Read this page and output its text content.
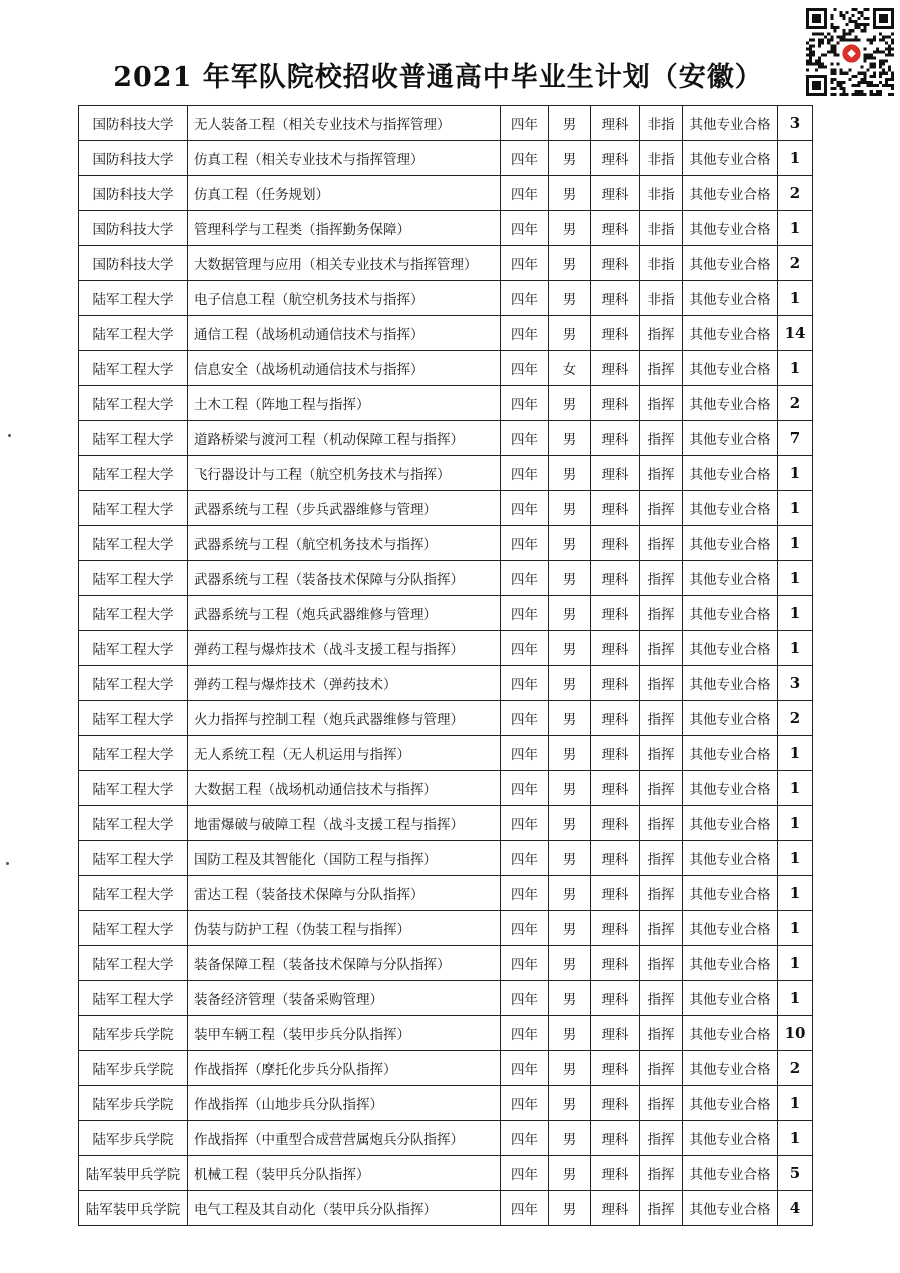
2021 年军队院校招收普通高中毕业生计划（安徽）
国防科技大学	无人装备工程（相关专业技术与指挥管理）	四年	男	理科	非指	其他专业合格	3
国防科技大学	仿真工程（相关专业技术与指挥管理）	四年	男	理科	非指	其他专业合格	1
国防科技大学	仿真工程（任务规划）	四年	男	理科	非指	其他专业合格	2
国防科技大学	管理科学与工程类（指挥勤务保障）	四年	男	理科	非指	其他专业合格	1
国防科技大学	大数据管理与应用（相关专业技术与指挥管理）	四年	男	理科	非指	其他专业合格	2
陆军工程大学	电子信息工程（航空机务技术与指挥）	四年	男	理科	非指	其他专业合格	1
陆军工程大学	通信工程（战场机动通信技术与指挥）	四年	男	理科	指挥	其他专业合格	14
陆军工程大学	信息安全（战场机动通信技术与指挥）	四年	女	理科	指挥	其他专业合格	1
陆军工程大学	土木工程（阵地工程与指挥）	四年	男	理科	指挥	其他专业合格	2
陆军工程大学	道路桥梁与渡河工程（机动保障工程与指挥）	四年	男	理科	指挥	其他专业合格	7
陆军工程大学	飞行器设计与工程（航空机务技术与指挥）	四年	男	理科	指挥	其他专业合格	1
陆军工程大学	武器系统与工程（步兵武器维修与管理）	四年	男	理科	指挥	其他专业合格	1
陆军工程大学	武器系统与工程（航空机务技术与指挥）	四年	男	理科	指挥	其他专业合格	1
陆军工程大学	武器系统与工程（装备技术保障与分队指挥）	四年	男	理科	指挥	其他专业合格	1
陆军工程大学	武器系统与工程（炮兵武器维修与管理）	四年	男	理科	指挥	其他专业合格	1
陆军工程大学	弹药工程与爆炸技术（战斗支援工程与指挥）	四年	男	理科	指挥	其他专业合格	1
陆军工程大学	弹药工程与爆炸技术（弹药技术）	四年	男	理科	指挥	其他专业合格	3
陆军工程大学	火力指挥与控制工程（炮兵武器维修与管理）	四年	男	理科	指挥	其他专业合格	2
陆军工程大学	无人系统工程（无人机运用与指挥）	四年	男	理科	指挥	其他专业合格	1
陆军工程大学	大数据工程（战场机动通信技术与指挥）	四年	男	理科	指挥	其他专业合格	1
陆军工程大学	地雷爆破与破障工程（战斗支援工程与指挥）	四年	男	理科	指挥	其他专业合格	1
陆军工程大学	国防工程及其智能化（国防工程与指挥）	四年	男	理科	指挥	其他专业合格	1
陆军工程大学	雷达工程（装备技术保障与分队指挥）	四年	男	理科	指挥	其他专业合格	1
陆军工程大学	伪装与防护工程（伪装工程与指挥）	四年	男	理科	指挥	其他专业合格	1
陆军工程大学	装备保障工程（装备技术保障与分队指挥）	四年	男	理科	指挥	其他专业合格	1
陆军工程大学	装备经济管理（装备采购管理）	四年	男	理科	指挥	其他专业合格	1
陆军步兵学院	装甲车辆工程（装甲步兵分队指挥）	四年	男	理科	指挥	其他专业合格	10
陆军步兵学院	作战指挥（摩托化步兵分队指挥）	四年	男	理科	指挥	其他专业合格	2
陆军步兵学院	作战指挥（山地步兵分队指挥）	四年	男	理科	指挥	其他专业合格	1
陆军步兵学院	作战指挥（中重型合成营营属炮兵分队指挥）	四年	男	理科	指挥	其他专业合格	1
陆军装甲兵学院	机械工程（装甲兵分队指挥）	四年	男	理科	指挥	其他专业合格	5
陆军装甲兵学院	电气工程及其自动化（装甲兵分队指挥）	四年	男	理科	指挥	其他专业合格	4
